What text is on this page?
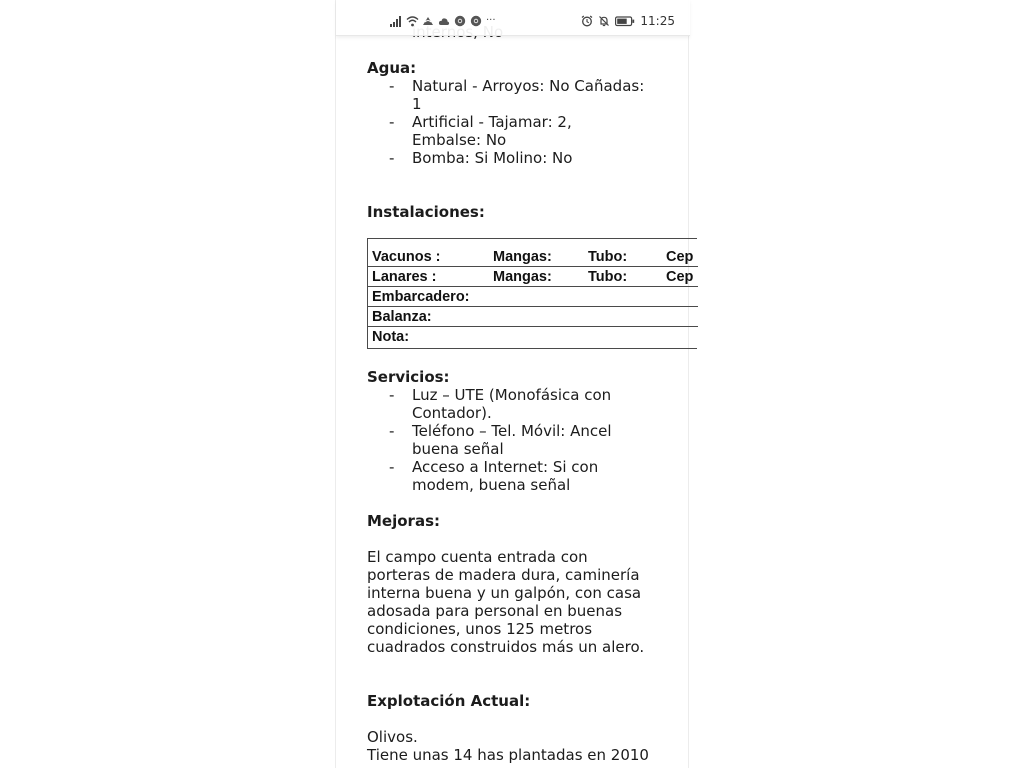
Agua:
- Natural - Arroyos: No Cañadas:
1
- Artificial - Tajamar: 2,
Embalse: No
- Bomba: Si Molino: No
Instalaciones:
Vacunos :	Mangas: Tubo:	Cep
Lanares :	Mangas: Tubo:	Cep
Embarcadero:
Balanza:
Nota:
Servicios:
- Luz – UTE (Monofásica con
Contador).
- Teléfono – Tel. Móvil: Ancel
buena señal
- Acceso a Internet: Si con
modem, buena señal
Mejoras:
El campo cuenta entrada con
porteras de madera dura, caminería
interna buena y un galpón, con casa
adosada para personal en buenas
condiciones, unos 125 metros
cuadrados construidos más un alero.
Explotación Actual:
Olivos.
Tiene unas 14 has plantadas en 2010
···	11:25
